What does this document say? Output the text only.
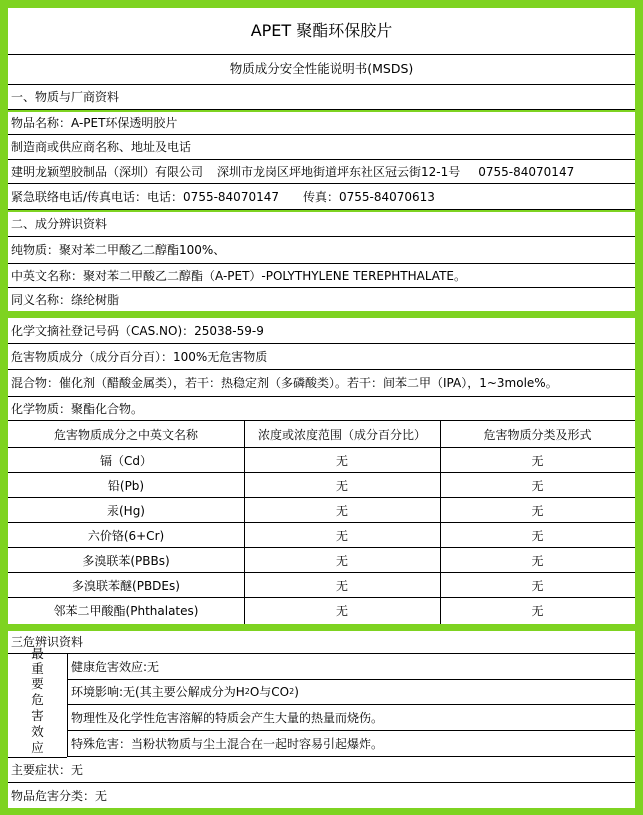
APET 聚酯环保胶片
物质成分安全性能说明书(MSDS)
一、物质与厂商资料
物品名称：A-PET环保透明胶片
制造商或供应商名称、地址及电话
建明龙颖塑胶制品（深圳）有限公司 深圳市龙岗区坪地街道坪东社区冠云街12-1号 0755-84070147
紧急联络电话/传真电话：电话：0755-84070147　　传真：0755-84070613
二、成分辨识资料
纯物质：聚对苯二甲酸乙二醇酯100%、
中英文名称：聚对苯二甲酸乙二醇酯（A-PET）-POLYTHYLENE TEREPHTHALATE。
同义名称：绦纶树脂
化学文摘社登记号码（CAS.NO)：25038-59-9
危害物质成分（成分百分百）：100%无危害物质
混合物：催化剂（醋酸金属类），若干：热稳定剂（多磷酸类）。若干：间苯二甲（IPA），1~3mole%。
化学物质：聚酯化合物。
危害物质成分之中英文名称	浓度或浓度范围（成分百分比）	危害物质分类及形式
镉（Cd）	无	无
铅(Pb)	无	无
汞(Hg)	无	无
六价铬(6+Cr)	无	无
多溴联苯(PBBs)	无	无
多溴联苯醚(PBDEs)	无	无
邻苯二甲酸酯(Phthalates)	无	无
三危辨识资料
最
重
要
危
害
效
应
健康危害效应:无
环境影响:无(其主要公解成分为H 2 O与CO 2 )
物理性及化学性危害溶解的特质会产生大量的热量而烧伤。
特殊危害：当粉状物质与尘土混合在一起时容易引起爆炸。
主要症状：无
物品危害分类：无
